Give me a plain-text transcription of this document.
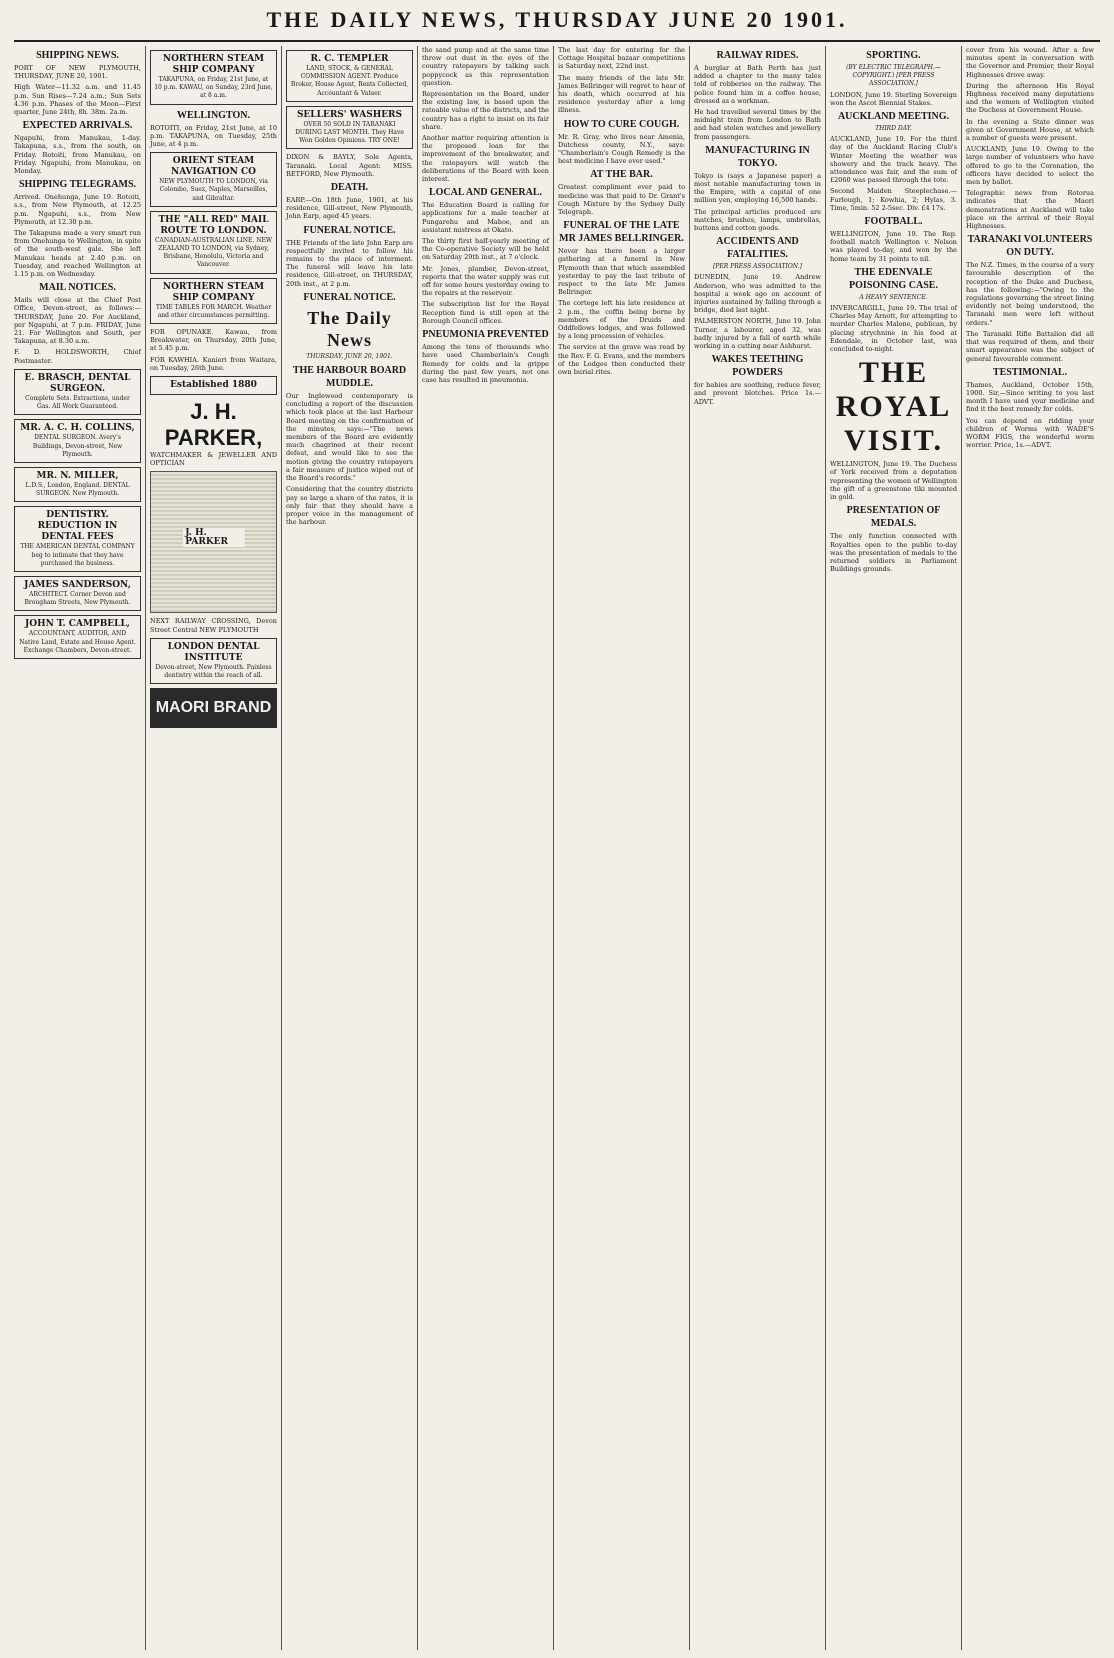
THE DAILY NEWS, THURSDAY JUNE 20 1901.
SHIPPING NEWS.
PORT OF NEW PLYMOUTH, THURSDAY, JUNE 20, 1901.
High Water—11.32 a.m. and 11.45 p.m. Sun Rises—7.24 a.m.; Sun Sets 4.36 p.m. Phases of the Moon—First quarter, June 24th, 8h. 38m. 2a.m.
EXPECTED ARRIVALS.
Ngapuhi, from Manukau, 1-day. Takapuna, s.s., from the south, on Friday. Rotoiti, from Manukau, on Friday. Ngapuhi, from Manukau, on Monday.
SHIPPING TELEGRAMS.
Arrived. Onehunga, June 19. Rotoiti, s.s., from New Plymouth, at 12.25 p.m. Ngapuhi, s.s., from New Plymouth, at 12.30 p.m.
The Takapuna made a very smart run from Onehunga to Wellington, in spite of the south-west gale. She left Manukau heads at 2.40 p.m. on Tuesday, and reached Wellington at 1.15 p.m. on Wednesday.
MAIL NOTICES.
Mails will close at the Chief Post Office, Devon-street, as follows:— THURSDAY, June 20. For Auckland, per Ngapuhi, at 7 p.m. FRIDAY, June 21. For Wellington and South, per Takapuna, at 8.30 a.m.
F. D. HOLDSWORTH, Chief Postmaster.
E. BRASCH, DENTAL SURGEON.
Complete Sets. Extractions, under Gas. All Work Guaranteed.
MR. A. C. H. COLLINS,
DENTAL SURGEON. Avery's Buildings, Devon-street, New Plymouth.
MR. N. MILLER,
L.D.S., London, England. DENTAL SURGEON. New Plymouth.
DENTISTRY. REDUCTION IN DENTAL FEES
THE AMERICAN DENTAL COMPANY beg to intimate that they have purchased the business.
JAMES SANDERSON,
ARCHITECT. Corner Devon and Brougham Streets, New Plymouth.
JOHN T. CAMPBELL,
ACCOUNTANT, AUDITOR, AND Native Land, Estate and House Agent. Exchange Chambers, Devon-street.
NORTHERN STEAM SHIP COMPANY
TAKAPUNA, on Friday, 21st June, at 10 p.m. KAWAU, on Sunday, 23rd June, at 8 a.m.
WELLINGTON.
ROTOITI, on Friday, 21st June, at 10 p.m. TAKAPUNA, on Tuesday, 25th June, at 4 p.m.
ORIENT STEAM NAVIGATION CO
NEW PLYMOUTH TO LONDON, via Colombo, Suez, Naples, Marseilles, and Gibraltar.
THE "ALL RED" MAIL ROUTE TO LONDON.
CANADIAN-AUSTRALIAN LINE. NEW ZEALAND TO LONDON, via Sydney, Brisbane, Honolulu, Victoria and Vancouver.
NORTHERN STEAM SHIP COMPANY
TIME TABLES FOR MARCH. Weather and other circumstances permitting.
FOR OPUNAKE. Kawau, from Breakwater, on Thursday, 20th June, at 5.45 p.m.
FOR KAWHIA. Kanieri from Waitara, on Tuesday, 26th June.
Established 1880
J. H. PARKER,
WATCHMAKER & JEWELLER AND OPTICIAN
J. H. PARKER
NEXT RAILWAY CROSSING, Devon Street Central NEW PLYMOUTH
LONDON DENTAL INSTITUTE
Devon-street, New Plymouth. Painless dentistry within the reach of all.
MAORI BRAND
R. C. TEMPLER
LAND, STOCK, & GENERAL COMMISSION AGENT. Produce Broker, House Agent, Rents Collected, Accountant & Valuer.
SELLERS' WASHERS
OVER 50 SOLD IN TARANAKI DURING LAST MONTH. They Have Won Golden Opinions. TRY ONE!
DIXON & BAYLY, Sole Agents, Taranaki. Local Agent: MISS. RETFORD, New Plymouth.
DEATH.
EARP.—On 18th June, 1901, at his residence, Gill-street, New Plymouth, John Earp, aged 45 years.
FUNERAL NOTICE.
THE Friends of the late John Earp are respectfully invited to follow his remains to the place of interment. The funeral will leave his late residence, Gill-street, on THURSDAY, 20th inst., at 2 p.m.
FUNERAL NOTICE.
The Daily News
THURSDAY, JUNE 20, 1901.
THE HARBOUR BOARD MUDDLE.
Our Inglewood contemporary is concluding a report of the discussion which took place at the last Harbour Board meeting on the confirmation of the minutes, says:—"The news members of the Board are evidently much chagrined at their recent defeat, and would like to see the motion giving the country ratepayers a fair measure of justice wiped out of the Board's records."
Considering that the country districts pay so large a share of the rates, it is only fair that they should have a proper voice in the management of the harbour.
the sand pump and at the same time throw out dust in the eyes of the country ratepayers by talking such poppycock as this representation question.
Representation on the Board, under the existing law, is based upon the rateable value of the districts, and the country has a right to insist on its fair share.
Another matter requiring attention is the proposed loan for the improvement of the breakwater, and the ratepayers will watch the deliberations of the Board with keen interest.
LOCAL AND GENERAL.
The Education Board is calling for applications for a male teacher at Pungarehu and Mahoe, and an assistant mistress at Okato.
The thirty first half-yearly meeting of the Co-operative Society will be held on Saturday 29th inst., at 7 o'clock.
Mr. Jones, plumber, Devon-street, reports that the water supply was cut off for some hours yesterday owing to the repairs at the reservoir.
The subscription list for the Royal Reception fund is still open at the Borough Council offices.
PNEUMONIA PREVENTED
Among the tens of thousands who have used Chamberlain's Cough Remedy for colds and la grippe during the past few years, not one case has resulted in pneumonia.
The last day for entering for the Cottage Hospital bazaar competitions is Saturday next, 22nd inst.
The many friends of the late Mr. James Bellringer will regret to hear of his death, which occurred at his residence yesterday after a long illness.
HOW TO CURE COUGH.
Mr. R. Gray, who lives near Amenia, Dutchess county, N.Y., says: "Chamberlain's Cough Remedy is the best medicine I have ever used."
AT THE BAR.
Greatest compliment ever paid to medicine was that paid to Dr. Grant's Cough Mixture by the Sydney Daily Telegraph.
FUNERAL OF THE LATE MR JAMES BELLRINGER.
Never has there been a larger gathering at a funeral in New Plymouth than that which assembled yesterday to pay the last tribute of respect to the late Mr. James Bellringer.
The cortege left his late residence at 2 p.m., the coffin being borne by members of the Druids and Oddfellows lodges, and was followed by a long procession of vehicles.
The service at the grave was read by the Rev. F. G. Evans, and the members of the Lodges then conducted their own burial rites.
RAILWAY RIDES.
A burglar at Bath Perth has just added a chapter to the many tales told of robberies on the railway. The police found him in a coffee house, dressed as a workman.
He had travelled several times by the midnight train from London to Bath and had stolen watches and jewellery from passengers.
MANUFACTURING IN TOKYO.
Tokyo is (says a Japanese paper) a most notable manufacturing town in the Empire, with a capital of one million yen, employing 16,500 hands.
The principal articles produced are matches, brushes, lamps, umbrellas, buttons and cotton goods.
ACCIDENTS AND FATALITIES.
[PER PRESS ASSOCIATION.]
DUNEDIN, June 19. Andrew Anderson, who was admitted to the hospital a week ago on account of injuries sustained by falling through a bridge, died last night.
PALMERSTON NORTH, June 19. John Turner, a labourer, aged 32, was badly injured by a fall of earth while working in a cutting near Ashhurst.
WAKES TEETHING POWDERS
for babies are soothing, reduce fever, and prevent blotches. Price 1s.—ADVT.
SPORTING.
(BY ELECTRIC TELEGRAPH.—COPYRIGHT.) [PER PRESS ASSOCIATION.]
LONDON, June 19. Sterling Sovereign won the Ascot Biennial Stakes.
AUCKLAND MEETING.
THIRD DAY.
AUCKLAND, June 19. For the third day of the Auckland Racing Club's Winter Meeting the weather was showery and the track heavy. The attendance was fair, and the sum of £2060 was passed through the tote.
Second Maiden Steeplechase.—Furlough, 1; Kowhia, 2; Hylas, 3. Time, 5min. 52 2-5sec. Div. £4 17s.
FOOTBALL.
WELLINGTON, June 19. The Rep. football match Wellington v. Nelson was played to-day, and won by the home team by 31 points to nil.
THE EDENVALE POISONING CASE.
A HEAVY SENTENCE.
INVERCARGILL, June 19. The trial of Charles May Arnott, for attempting to murder Charles Malone, publican, by placing strychnine in his food at Edendale, in October last, was concluded to-night.
THE ROYAL VISIT.
WELLINGTON, June 19. The Duchess of York received from a deputation representing the women of Wellington the gift of a greenstone tiki mounted in gold.
PRESENTATION OF MEDALS.
The only function connected with Royalties open to the public to-day was the presentation of medals to the returned soldiers in Parliament Buildings grounds.
cover from his wound. After a few minutes spent in conversation with the Governor and Premier, their Royal Highnesses drove away.
During the afternoon His Royal Highness received many deputations and the women of Wellington visited the Duchess at Government House.
In the evening a State dinner was given at Government House, at which a number of guests were present.
AUCKLAND, June 19. Owing to the large number of volunteers who have offered to go to the Coronation, the officers have decided to select the men by ballot.
Telegraphic news from Rotorua indicates that the Maori demonstrations at Auckland will take place on the arrival of their Royal Highnesses.
TARANAKI VOLUNTEERS ON DUTY.
The N.Z. Times, in the course of a very favourable description of the reception of the Duke and Duchess, has the following:—"Owing to the regulations governing the street lining evidently not being understood, the Taranaki men were left without orders."
The Taranaki Rifle Battalion did all that was required of them, and their smart appearance was the subject of general favourable comment.
TESTIMONIAL.
Thames, Auckland, October 15th, 1900. Sir,—Since writing to you last month I have used your medicine and find it the best remedy for colds.
You can depend on ridding your children of Worms with WADE'S WORM FIGS, the wonderful worm worrier. Price, 1s.—ADVT.
